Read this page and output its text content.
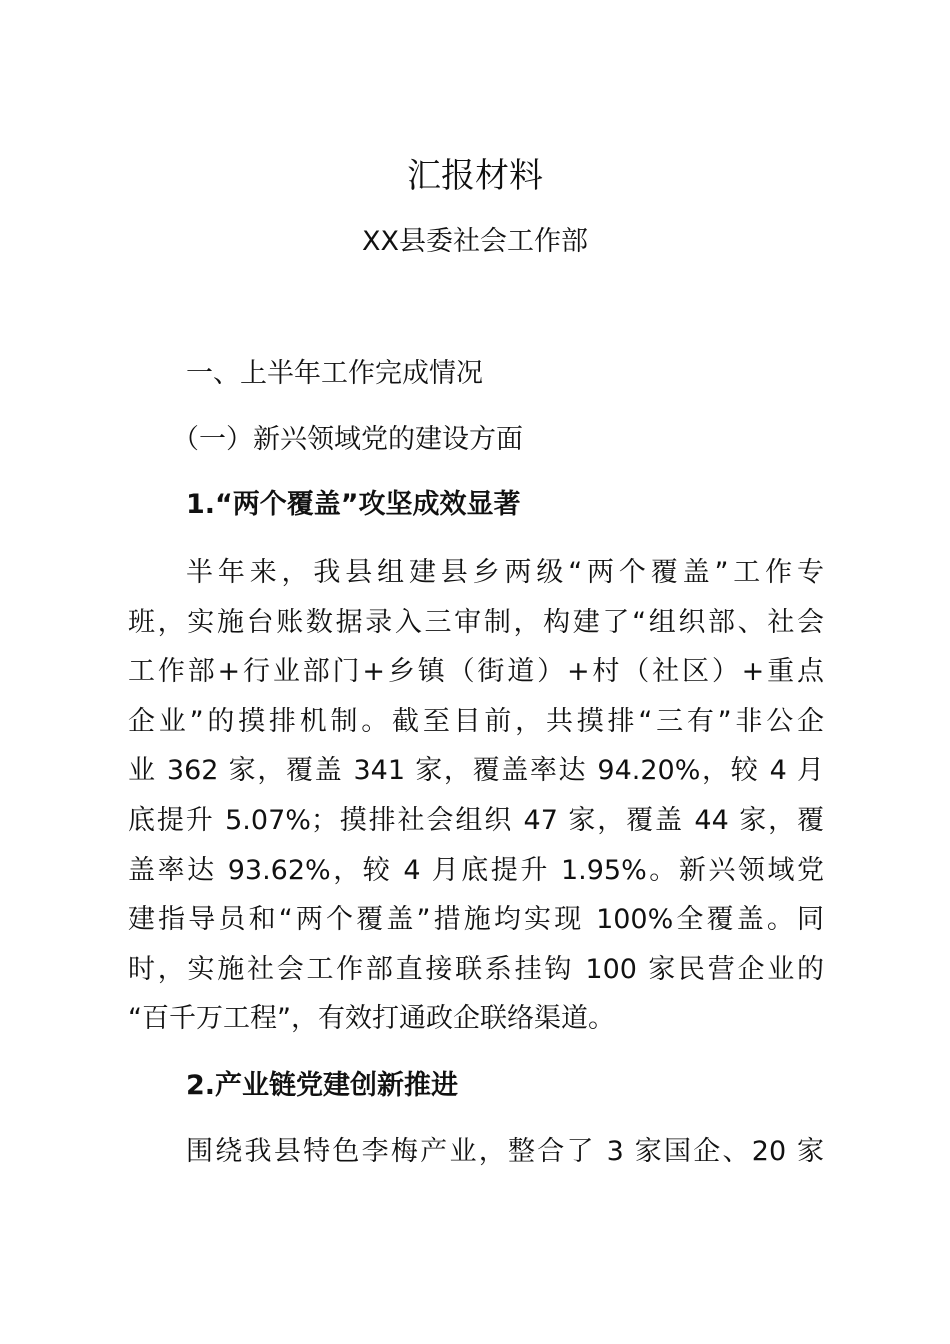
汇报材料
XX县委社会工作部
一、上半年工作完成情况
（一）新兴领域党的建设方面
1.“两个覆盖”攻坚成效显著
半年来，我县组建县乡两级“两个覆盖”工作专
班，实施台账数据录入三审制，构建了“组织部、社会
工作部+行业部门+乡镇（街道）+村（社区）+重点
企业”的摸排机制。截至目前，共摸排“三有”非公企
业 362 家，覆盖 341 家，覆盖率达 94.20%，较 4 月
底提升 5.07%；摸排社会组织 47 家，覆盖 44 家，覆
盖率达 93.62%，较 4 月底提升 1.95%。新兴领域党
建指导员和“两个覆盖”措施均实现 100%全覆盖。同
时，实施社会工作部直接联系挂钩 100 家民营企业的
“百千万工程”，有效打通政企联络渠道。
2.产业链党建创新推进
围绕我县特色李梅产业，整合了 3 家国企、20 家
